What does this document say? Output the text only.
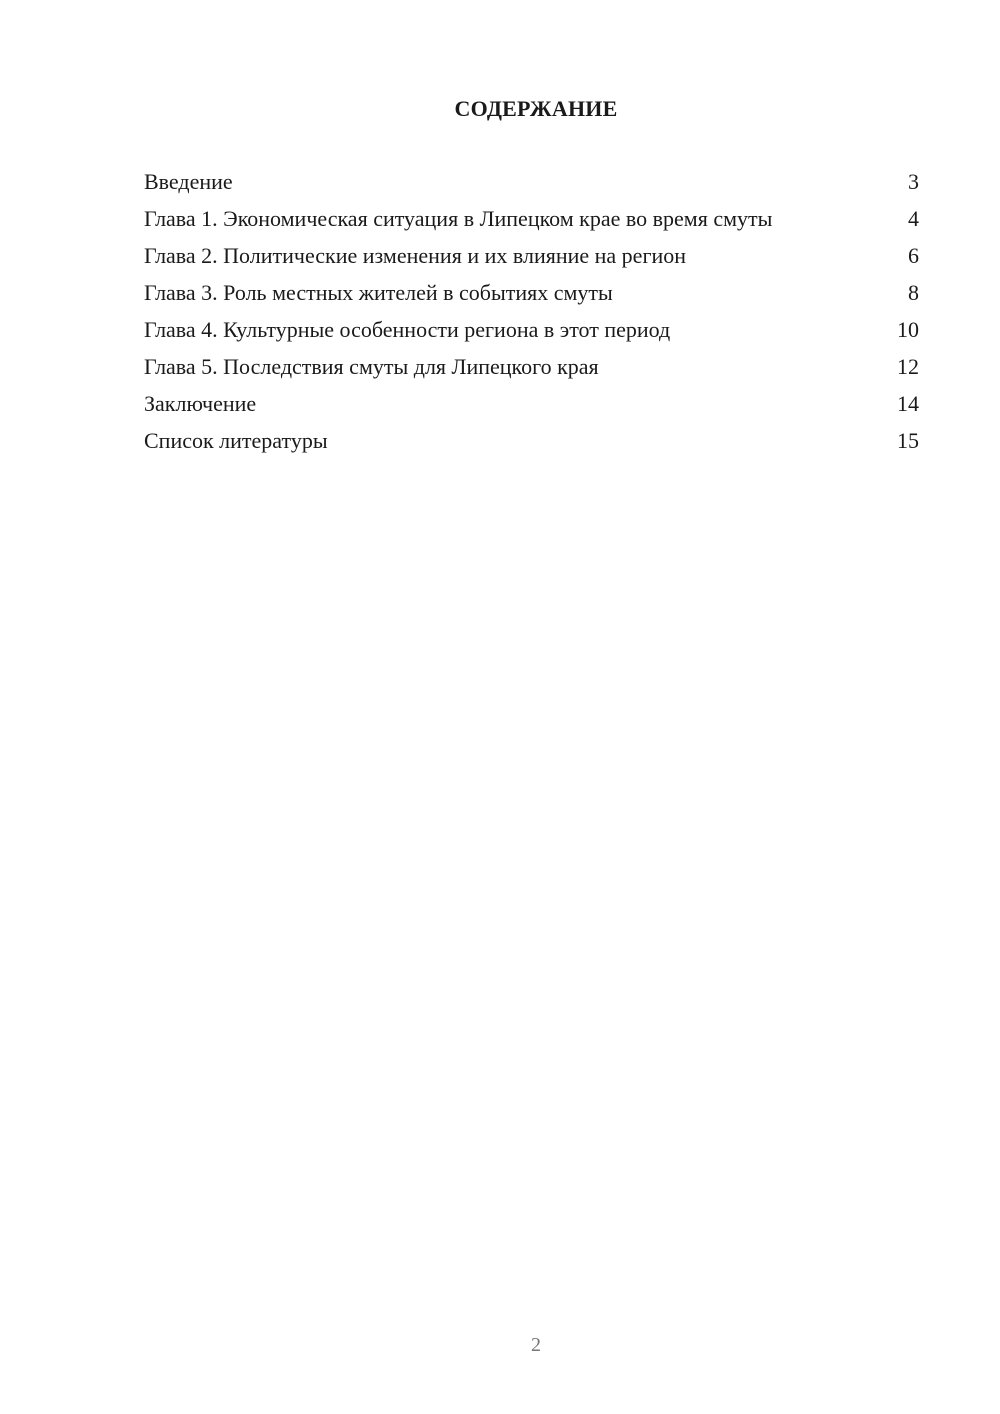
СОДЕРЖАНИЕ
Введение	3
Глава 1. Экономическая ситуация в Липецком крае во время смуты	4
Глава 2. Политические изменения и их влияние на регион	6
Глава 3. Роль местных жителей в событиях смуты	8
Глава 4. Культурные особенности региона в этот период	10
Глава 5. Последствия смуты для Липецкого края	12
Заключение	14
Список литературы	15
2
